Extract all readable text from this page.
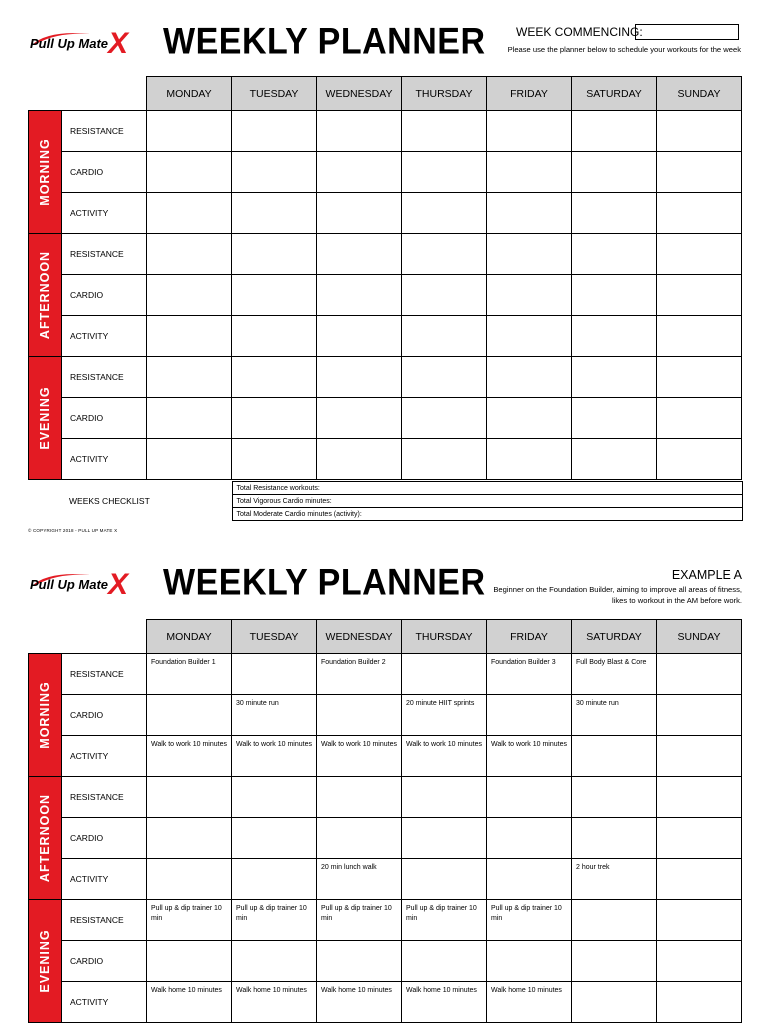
Pull Up Mate X WEEKLY PLANNER	WEEK COMMENCING:
Please use the planner below to schedule your workouts for the week
		MONDAY	TUESDAY	WEDNESDAY	THURSDAY	FRIDAY	SATURDAY	SUNDAY

MORNING	RESISTANCE							
	CARDIO							
	ACTIVITY							

AFTERNOON	RESISTANCE							
	CARDIO							
	ACTIVITY							

EVENING	RESISTANCE							
	CARDIO							
	ACTIVITY							
WEEKS CHECKLIST	Total Resistance workouts:
Total Vigorous Cardio minutes:
Total Moderate Cardio minutes (activity):
© COPYRIGHT 2018 - PULL UP MATE X
Pull Up Mate X WEEKLY PLANNER	EXAMPLE A
Beginner on the Foundation Builder, aiming to improve all areas of fitness, likes to workout in the AM before work.
		MONDAY	TUESDAY	WEDNESDAY	THURSDAY	FRIDAY	SATURDAY	SUNDAY

MORNING	RESISTANCE	Foundation Builder 1		Foundation Builder 2		Foundation Builder 3	Full Body Blast & Core	
	CARDIO		30 minute run		20 minute HIIT sprints		30 minute run	
	ACTIVITY	Walk to work 10 minutes	Walk to work 10 minutes	Walk to work 10 minutes	Walk to work 10 minutes	Walk to work 10 minutes		

AFTERNOON	RESISTANCE							
	CARDIO							
	ACTIVITY			20 min lunch walk			2 hour trek	

EVENING	RESISTANCE	Pull up & dip trainer 10 min	Pull up & dip trainer 10 min	Pull up & dip trainer 10 min	Pull up & dip trainer 10 min	Pull up & dip trainer 10 min		
	CARDIO							
	ACTIVITY	Walk home 10 minutes	Walk home 10 minutes	Walk home 10 minutes	Walk home 10 minutes	Walk home 10 minutes		
